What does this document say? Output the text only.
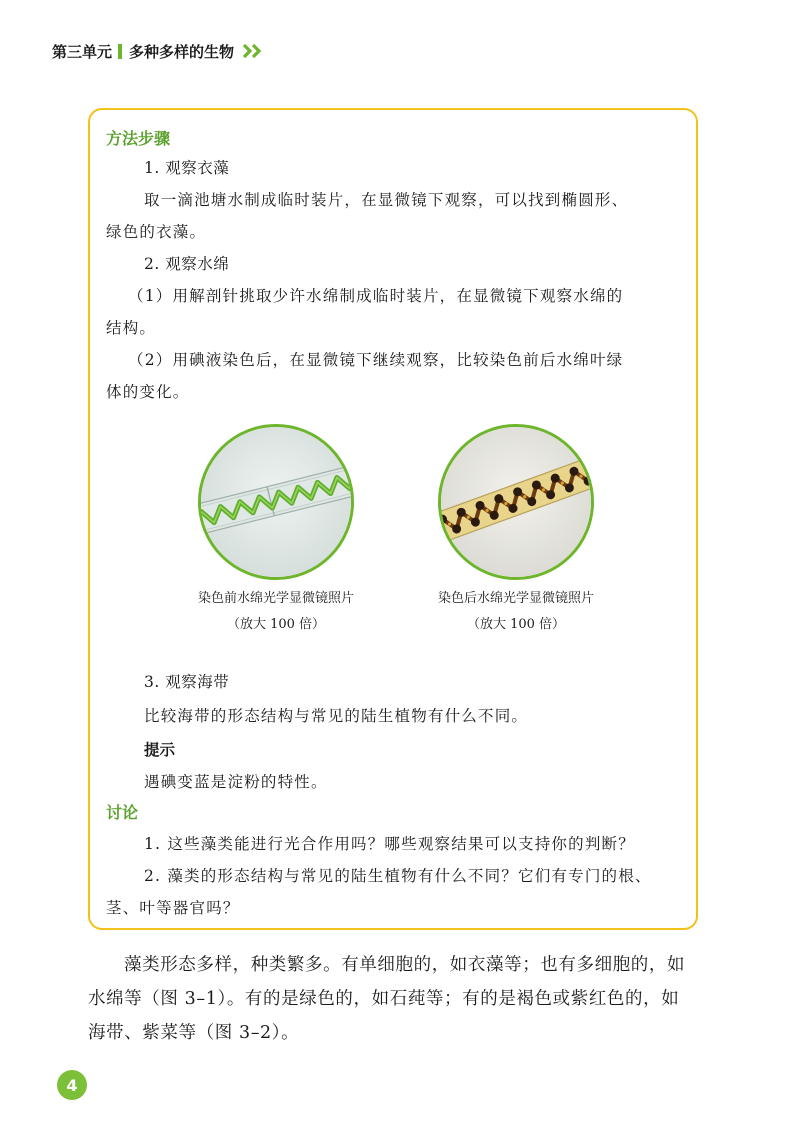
第三单元 多种多样的生物
方法步骤
1. 观察衣藻
取一滴池塘水制成临时装片，在显微镜下观察，可以找到椭圆形、
绿色的衣藻。
2. 观察水绵
（1）用解剖针挑取少许水绵制成临时装片，在显微镜下观察水绵的
结构。
（2）用碘液染色后，在显微镜下继续观察，比较染色前后水绵叶绿
体的变化。
染色前水绵光学显微镜照片
（放大 100 倍）
染色后水绵光学显微镜照片
（放大 100 倍）
3. 观察海带
比较海带的形态结构与常见的陆生植物有什么不同。
提示
遇碘变蓝是淀粉的特性。
讨论
1. 这些藻类能进行光合作用吗？哪些观察结果可以支持你的判断？
2. 藻类的形态结构与常见的陆生植物有什么不同？它们有专门的根、
茎、叶等器官吗？
藻类形态多样，种类繁多。有单细胞的，如衣藻等；也有多细胞的，如
水绵等（图 3–1）。有的是绿色的，如石莼等；有的是褐色或紫红色的，如
海带、紫菜等（图 3–2）。
4
